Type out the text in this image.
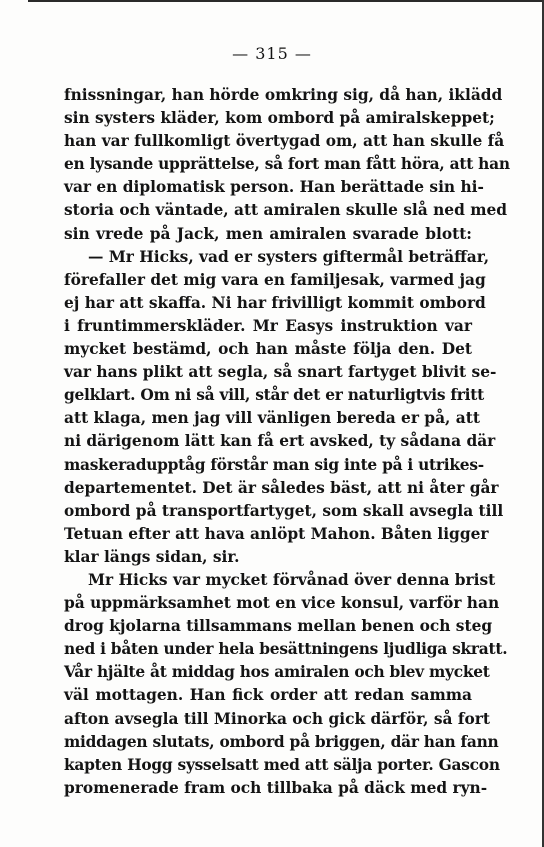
— 315 —
fnissningar, han hörde omkring sig, då han, iklädd
sin systers kläder, kom ombord på amiralskeppet;
han var fullkomligt övertygad om, att han skulle få
en lysande upprättelse, så fort man fått höra, att han
var en diplomatisk person. Han berättade sin hi-
storia och väntade, att amiralen skulle slå ned med
sin vrede på Jack, men amiralen svarade blott:
— Mr Hicks, vad er systers giftermål beträffar,
förefaller det mig vara en familjesak, varmed jag
ej har att skaffa. Ni har frivilligt kommit ombord
i fruntimmerskläder. Mr Easys instruktion var
mycket bestämd, och han måste följa den. Det
var hans plikt att segla, så snart fartyget blivit se-
gelklart. Om ni så vill, står det er naturligtvis fritt
att klaga, men jag vill vänligen bereda er på, att
ni därigenom lätt kan få ert avsked, ty sådana där
maskeradupptåg förstår man sig inte på i utrikes-
departementet. Det är således bäst, att ni åter går
ombord på transportfartyget, som skall avsegla till
Tetuan efter att hava anlöpt Mahon. Båten ligger
klar längs sidan, sir.
Mr Hicks var mycket förvånad över denna brist
på uppmärksamhet mot en vice konsul, varför han
drog kjolarna tillsammans mellan benen och steg
ned i båten under hela besättningens ljudliga skratt.
Vår hjälte åt middag hos amiralen och blev mycket
väl mottagen. Han fick order att redan samma
afton avsegla till Minorka och gick därför, så fort
middagen slutats, ombord på briggen, där han fann
kapten Hogg sysselsatt med att sälja porter. Gascon
promenerade fram och tillbaka på däck med ryn-
